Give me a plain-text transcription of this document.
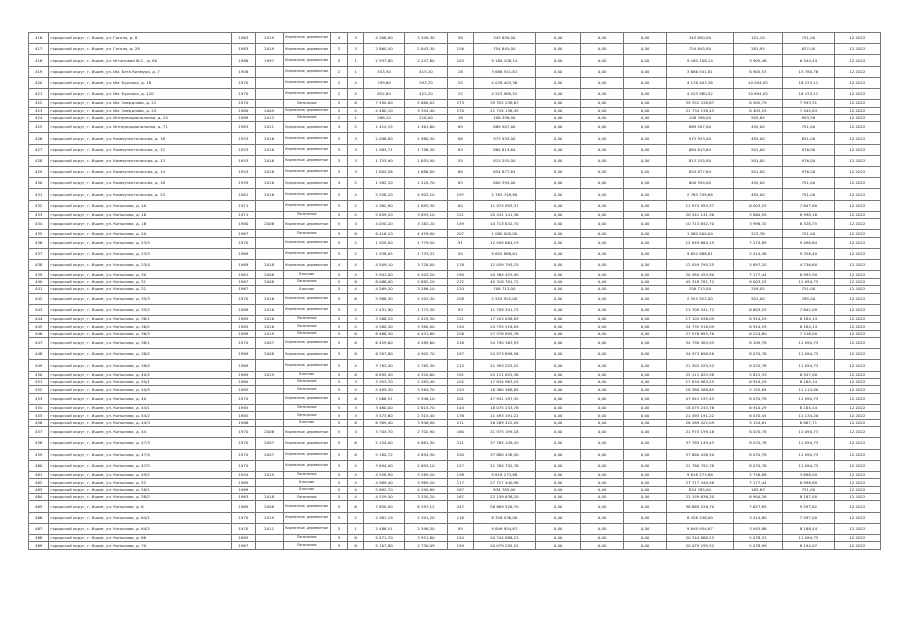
416	городской округ, г. Ишим, ул. Гоголя, д. 8	1963	2019	Кирпичные, деревянные	4	3	4 306,00	3 349,30	58	343 850,00	0,00	0,00	0,00	343 850,00	101,10	751,00	12.2022
417	городской округ, г. Ишим, ул. Гоголя, д. 28	1983	2019	Кирпичные, деревянные	2	3	2 860,50	2 643,30	126	754 845,00	0,00	0,00	0,00	754 845,00	281,93	837,00	12.2022
418	городской округ, г. Ишим, ул. Игнатьева Ф.С., д. 80	1968	1997	Кирпичные, деревянные	5	1	2 937,80	2 247,80	103	9 180 108,14	0,00	0,00	0,00	9 180 108,14	3 905,48	6 544,44	12.2022
419	городской округ, г. Ишим, ул. Им. Бега Кизмура, д. 7	1958		Кирпичные, деревянные	2	1	543,30	415,20	28	3 686 541,81	0,00	0,00	0,00	3 686 541,81	8 905,53	13 780,76	12.2022
420	городской округ, г. Ишим, ул. Им. Бурлака, д. 18	1970		Кирпичные, деревянные	2	4	799,60	393,70	25	4 078 403,36	0,00	0,00	0,00	4 178 403,36	10 094,05	18 153,11	12.2022
421	городской округ, г. Ишим, ул. Им. Бурлака, д. 120	1970		Кирпичные, деревянные	2	4	852,80	423,20	22	4 523 980,52	0,00	0,00	0,00	4 523 980,52	10 694,05	18 153,11	12.2022
422	городской округ, г. Ишим, ул. Им. Свердлова, д. 21	1970		Панельные	5	6	7 490,00	5 680,02	273	39 352 238,67	0,00	0,00	0,00	39 352 238,67	6 905,79	7 993,31	12.2022
423	городской округ, г. Ишим, ул. Им. Свердлова, д. 25	1980	2009	Кирпичные, деревянные	5	4	4 480,10	3 394,40	170	21 734 138,45	0,00	0,00	0,00	21 734 138,45	6 403,25	7 445,63	12.2022
424	городской округ, г. Ишим, ул. Интернациональная, д. 24	1989	2013	Панельные	2	1	268,10	216,00	18	108 398,00	0,00	0,00	0,00	108 398,00	505,84	903,56	12.2022
425	городской округ, г. Ишим, ул. Интернациональная, д. 71	1983	2011	Кирпичные, деревянные	4	2	1 414,15	1 361,60	69	669 507,00	0,00	0,00	0,00	669 507,00	492,00	751,00	12.2022
426	городской округ, г. Ишим, ул. Коммунистическая, д. 16	1953	2016	Кирпичные, деревянные	3	3	2 096,00	1 980,30	68	973 933,00	0,00	0,00	0,00	973 933,00	492,00	851,00	12.2022
427	городской округ, г. Ишим, ул. Коммунистическая, д. 12	1953	2016	Кирпичные, деревянные	3	3	1 983,71	1 798,30	63	884 813,64	0,00	0,00	0,00	884 813,64	501,00	976,00	12.2022
428	городской округ, г. Ишим, ул. Коммунистическая, д. 13	1953	2016	Кирпичные, деревянные	3	3	1 753,90	1 653,90	55	813 255,00	0,00	0,00	0,00	813 255,00	501,00	976,00	12.2022
429	городской округ, г. Ишим, ул. Коммунистическая, д. 14	1953	2016	Кирпичные, деревянные	3	3	1 804,56	1 686,00	68	854 877,64	0,00	0,00	0,00	854 877,64	501,00	976,00	12.2022
430	городской округ, г. Ишим, ул. Коммунистическая, д. 18	1959	2016	Кирпичные, деревянные	4	2	1 582,10	1 220,70	63	600 394,00	0,00	0,00	0,00	600 394,00	492,00	751,00	12.2022
431	городской округ, г. Ишим, ул. Коммунистическая, д. 23	1961	2016	Кирпичные, деревянные	3	4	5 558,20	4 903,10	197	2 763 749,86	0,00	0,00	0,00	2 763 749,86	492,00	751,00	12.2022
432	городской округ, г. Ишим, ул. Копылова, д. 1А	1971		Кирпичные, деревянные	5	2	2 362,90	1 895,30	84	11 974 993,37	0,00	0,00	0,00	11 974 993,37	6 003,25	7 647,60	12.2022
433	городской округ, г. Ишим, ул. Копылова, д. 1Б	1971		Панельные	5	4	5 659,20	3 893,10	121	20 541 141,36	0,00	0,00	0,00	20 541 141,36	3 860,59	8 998,16	12.2022
434	городской округ, г. Ишим, ул. Копылова, д. 1В	1980	2006	Кирпичные, деревянные	5	4	4 050,20	3 182,20	149	10 713 842,70	0,00	0,00	0,00	10 713 842,70	3 998,32	6 328,75	12.2022
435	городской округ, г. Ишим, ул. Копылова, д. 2А	1967		Панельные	5	6	6 416,10	4 459,00	207	1 080 000,00	0,00	0,00	0,00	1 080 000,00	223,38	751,00	12.2022
436	городской округ, г. Ишим, ул. Копылова, д. 23/3	1970		Кирпичные, деревянные	5	2	1 929,00	1 779,50	91	12 949 664,19	0,00	0,00	0,00	12 949 664,19	7 274,89	9 496,84	12.2022
437	городской округ, г. Ишим, ул. Копылова, д. 23/3	1969		Кирпичные, деревянные	5	2	1 938,05	1 733,32	94	9 652 888,61	0,00	0,00	0,00	9 652 888,61	5 414,48	9 326,40	12.2022
438	городской округ, г. Ишим, ул. Копылова, д. 23/4	1969	2018	Кирпичные, деревянные	4	4	4 509,10	3 728,00	176	12 059 795,25	0,00	0,00	0,00	12 059 795,25	5 897,20	4 736,60	12.2022
439	городской округ, г. Ишим, ул. Копылова, д. 30	1981	2008	Блочные	5	4	5 941,00	4 503,20	190	20 384 453,90	0,00	0,00	0,00	20 384 453,90	7 177,44	8 995,90	12.2022
440	городской округ, г. Ишим, ул. Копылова, д. 31	1987	2008	Панельные	5	6	8 086,00	5 882,20	272	45 318 781,72	0,00	0,00	0,00	45 318 781,72	6 003,25	11 094,73	12.2022
441	городской округ, г. Ишим, ул. Копылова, д. 32	1967		Блочные	5	4	4 569,20	3 286,10	120	708 713,00	0,00	0,00	0,00	708 713,00	259,05	751,00	12.2022
442	городской округ, г. Ишим, ул. Копылова, д. 35/3	1970	2016	Кирпичные, деревянные	5	6	5 988,30	5 203,30	258	2 553 922,00	0,00	0,00	0,00	2 553 922,00	501,00	785,00	12.2022
443	городской округ, г. Ишим, ул. Копылова, д. 35/2	1989	2016	Кирпичные, деревянные	5	2	2 431,90	1 773,30	93	11 709 341,72	0,00	0,00	0,00	11 709 341,72	6 603,25	7 642,09	12.2022
444	городской округ, г. Ишим, ул. Копылова, д. 36/1	1985	2016	Панельные	5	3	3 368,20	2 425,30	121	17 103 036,09	0,00	0,00	0,00	17 103 036,09	6 910,29	8 184,14	12.2022
445	городской округ, г. Ишим, ул. Копылова, д. 36/2	1985	2016	Панельные	5	4	4 580,30	3 380,00	150	24 735 518,09	0,00	0,00	0,00	24 735 518,09	6 910,29	8 184,14	12.2022
446	городской округ, г. Ишим, ул. Копылова, д. 36/3	1989	2019	Панельные	5	6	6 468,30	4 431,80	226	27 578 895,76	0,00	0,00	0,00	27 578 895,76	6 224,60	7 316,00	12.2022
447	городской округ, г. Ишим, ул. Копылова, д. 38/1	1970	2007	Кирпичные, деревянные	5	6	6 429,60	4 289,60	216	34 790 363,93	0,00	0,00	0,00	34 790 363,93	8 109,78	11 094,73	12.2022
448	городской округ, г. Ишим, ул. Копылова, д. 38/2	1969	2008	Кирпичные, деревянные	5	6	6 397,80	4 902,70	197	54 973 698,56	0,00	0,00	0,00	54 973 698,56	8 070,78	11 094,73	12.2022
449	городской округ, г. Ишим, ул. Копылова, д. 38/4	1969		Кирпичные, деревянные	5	4	3 783,40	2 785,30	115	21 393 525,52	0,00	0,00	0,00	21 393 525,52	8 070,78	11 094,73	12.2022
450	городской округ, г. Ишим, ул. Копылова, д. 40/2	1969	2019	Блочные	5	6	6 895,40	4 320,60	191	25 111 625,38	0,00	0,00	0,00	25 111 625,38	5 812,33	6 557,00	12.2022
451	городской округ, г. Ишим, ул. Копылова, д. 40/1	1980		Панельные	5	3	3 353,70	2 383,40	102	17 834 963,25	0,00	0,00	0,00	17 834 963,25	6 910,29	8 184,14	12.2022
452	городской округ, г. Ишим, ул. Копылова, д. 40/5	1985		Панельные	5	5	5 499,30	3 564,70	153	18 380 568,85	0,00	0,00	0,00	18 380 568,85	5 155,84	11 113,00	12.2022
453	городской округ, г. Ишим, ул. Копылова, д. 40	1970		Кирпичные, деревянные	5	6	7 066,51	5 946,10	201	47 941 197,45	0,00	0,00	0,00	47 941 197,45	8 070,78	11 094,73	12.2022
454	городской округ, г. Ишим, ул. Копылова, д. 44/1	1985		Панельные	5	3	3 460,00	2 615,70	144	18 075 243,76	0,00	0,00	0,00	18 075 243,76	6 910,29	8 184,14	12.2022
455	городской округ, г. Ишим, ул. Копылова, д. 44/2	1985		Панельные	5	3	3 473,60	2 315,40	176	21 493 191,22	0,00	0,00	0,00	21 493 191,22	6 070,45	11 134,20	12.2022
456	городской округ, г. Ишим, ул. Копылова, д. 44/3	1986		Блочные	5	6	6 389,40	3 946,00	211	26 289 422,09	0,00	0,00	0,00	26 289 422,09	5 154,61	6 867,71	12.2022
457	городской округ, г. Ишим, ул. Копылова, д. 44	1970	2006	Кирпичные, деревянные	5	4	3 704,70	2 702,90	160	21 975 199,18	0,00	0,00	0,00	21 975 199,18	8 070,78	11 094,73	12.2022
458	городской округ, г. Ишим, ул. Копылова, д. 47/3	1970	2007	Кирпичные, деревянные	5	6	5 154,00	4 681,30	211	37 785 149,43	0,00	0,00	0,00	37 785 149,43	8 070,78	11 094,73	12.2022
459	городской округ, г. Ишим, ул. Копылова, д. 47/4	1970	2007	Кирпичные, деревянные	5	6	5 180,72	4 694,30	250	37 880 436,50	0,00	0,00	0,00	37 880 436,50	8 070,78	11 094,73	12.2022
460	городской округ, г. Ишим, ул. Копылова, д. 47/5	1970		Кирпичные, деревянные	5	4	3 694,00	2 693,10	127	21 780 792,78	0,00	0,00	0,00	21 780 792,78	8 070,78	11 094,73	12.2022
461	городской округ, г. Ишим, ул. Копылова, д. 49/2	1994	2019	Панельные	5	4	4 558,90	3 269,20	138	9 818 273,88	0,00	0,00	0,00	9 818 273,88	2 758,88	3 698,00	12.2022
462	городской округ, г. Ишим, ул. Копылова, д. 52	1969		Блочные	5	4	4 989,40	3 969,20	117	27 717 440,98	0,00	0,00	0,00	27 717 440,98	7 177,44	8 998,89	12.2022
463	городской округ, г. Ишим, ул. Копылова, д. 58/1	1969		Блочные	5	4	5 692,70	4 290,80	167	834 785,00	0,00	0,00	0,00	834 785,00	183,63	751,00	12.2022
464	городской округ, г. Ишим, ул. Копылова, д. 58/2	1963	2018	Панельные	5	4	4 529,50	3 350,20	167	22 159 636,20	0,00	0,00	0,00	22 159 636,20	6 904,26	8 187,00	12.2022
465	городской округ, г. Ишим, ул. Копылова, д. 6	1969	2008	Кирпичные, деревянные	5	6	7 650,90	6 297,12	247	56 869 526,70	0,00	0,00	0,00	56 869 526,70	7 627,65	9 597,62	12.2022
466	городской округ, г. Ишим, ул. Копылова, д. 64/1	1970	2019	Кирпичные, деревянные	5	2	2 961,19	2 391,20	116	8 326 536,00	0,00	0,00	0,00	8 326 536,00	3 414,60	7 597,00	12.2022
467	городской округ, г. Ишим, ул. Копылова, д. 64/2	1970	2011	Кирпичные, деревянные	5	1	2 486,51	2 398,50	95	9 849 954,67	0,00	0,00	0,00	9 849 954,67	3 945,86	8 188,44	12.2022
468	городской округ, г. Ишим, ул. Копылова, д. 66	1965		Панельные	5	6	5 471,70	3 951,80	154	20 744 888,23	0,00	0,00	0,00	20 744 888,23	5 078,33	11 094,73	12.2022
469	городской округ, г. Ишим, ул. Копылова, д. 70	1967		Панельные	5	6	5 707,80	2 730,09	159	20 079 295,52	0,00	0,00	0,00	20 079 295,52	5 078,99	8 194,07	12.2022
